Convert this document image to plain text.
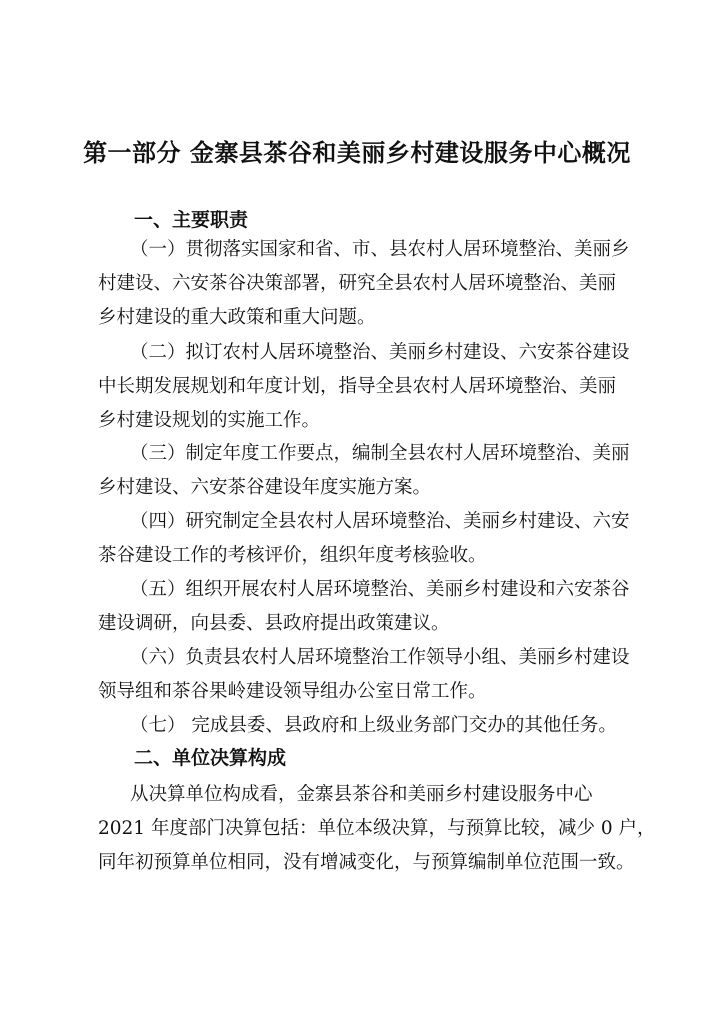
第一部分 金寨县茶谷和美丽乡村建设服务中心概况
一、主要职责
（一）贯彻落实国家和省、市、县农村人居环境整治、美丽乡
村建设、六安茶谷决策部署，研究全县农村人居环境整治、美丽
乡村建设的重大政策和重大问题。
（二）拟订农村人居环境整治、美丽乡村建设、六安茶谷建设
中长期发展规划和年度计划，指导全县农村人居环境整治、美丽
乡村建设规划的实施工作。
（三）制定年度工作要点，编制全县农村人居环境整治、美丽
乡村建设、六安茶谷建设年度实施方案。
（四）研究制定全县农村人居环境整治、美丽乡村建设、六安
茶谷建设工作的考核评价，组织年度考核验收。
（五）组织开展农村人居环境整治、美丽乡村建设和六安茶谷
建设调研，向县委、县政府提出政策建议。
（六）负责县农村人居环境整治工作领导小组、美丽乡村建设
领导组和茶谷果岭建设领导组办公室日常工作。
（七） 完成县委、县政府和上级业务部门交办的其他任务。
二、单位决算构成
从决算单位构成看，金寨县茶谷和美丽乡村建设服务中心
2021 年度部门决算包括：单位本级决算，与预算比较，减少 0 户，
同年初预算单位相同，没有增减变化，与预算编制单位范围一致。
